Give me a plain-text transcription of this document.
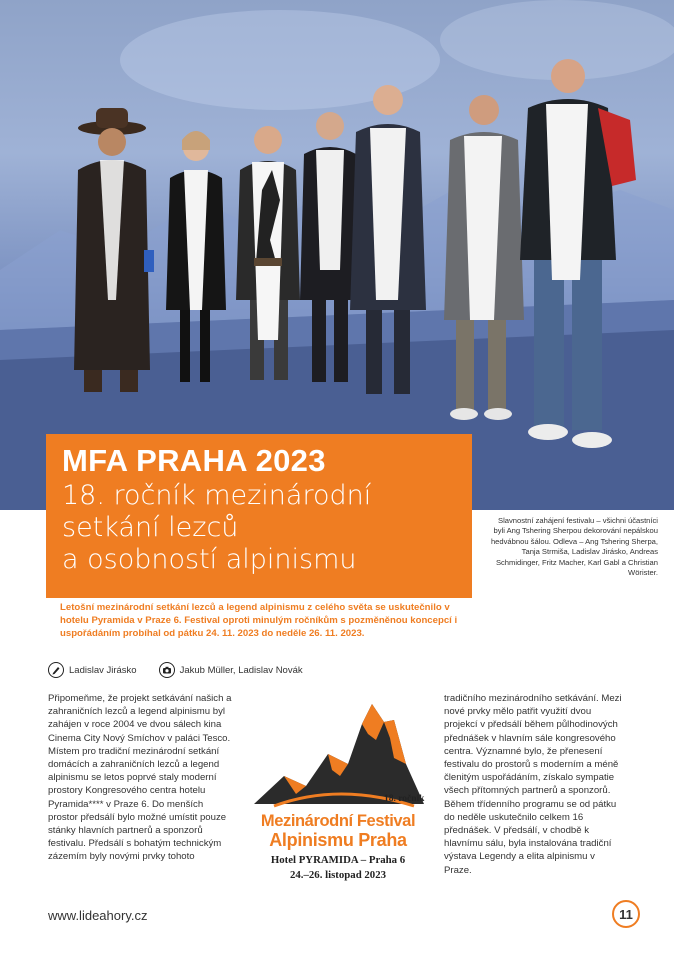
MFA PRAHA 2023
18. ročník mezinárodní
setkání lezců
a osobností alpinismu
Letošní mezinárodní setkání lezců a legend alpinismu z celého světa se uskutečnilo v hotelu Pyramida v Praze 6. Festival oproti minulým ročníkům s pozměněnou koncepcí i uspořádáním probíhal od pátku 24. 11. 2023 do neděle 26. 11. 2023.
Slavnostní zahájení festivalu – všichni účastníci byli Ang Tshering Sherpou dekorování nepálskou hedvábnou šálou. Odleva – Ang Tshering Sherpa, Tanja Strmiša, Ladislav Jirásko, Andreas Schmidinger, Fritz Macher, Karl Gabl a Christian Wörister.
Ladislav Jirásko	Jakub Müller, Ladislav Novák
Připomeňme, že projekt setkávání našich a zahraničních lezců a legend alpinismu byl zahájen v roce 2004 ve dvou sálech kina Cinema City Nový Smíchov v paláci Tesco. Místem pro tradiční mezinárodní setkání domácích a zahraničních lezců a legend alpinismu se letos poprvé staly moderní prostory Kongresového centra hotelu Pyramida**** v Praze 6. Do menších prostor předsálí bylo možné umístit pouze stánky hlavních partnerů a sponzorů festivalu. Předsálí s bohatým technickým zázemím byly novými prvky tohoto
18. ročník
Mezinárodní Festival
Alpinismu Praha
Hotel PYRAMIDA – Praha 6
24.–26. listopad 2023
tradičního mezinárodního setkávání. Mezi nové prvky mělo patřit využití dvou projekcí v předsálí během půlhodinových přednášek v hlavním sále kongresového centra. Významné bylo, že přenesení festivalu do prostorů s moderním a méně členitým uspořádáním, získalo sympatie všech přítomných partnerů a sponzorů. Během třídenního programu se od pátku do neděle uskutečnilo celkem 16 přednášek. V předsálí, v chodbě k hlavnímu sálu, byla instalována tradiční výstava Legendy a elita alpinismu v Praze.
www.lideahory.cz	11
